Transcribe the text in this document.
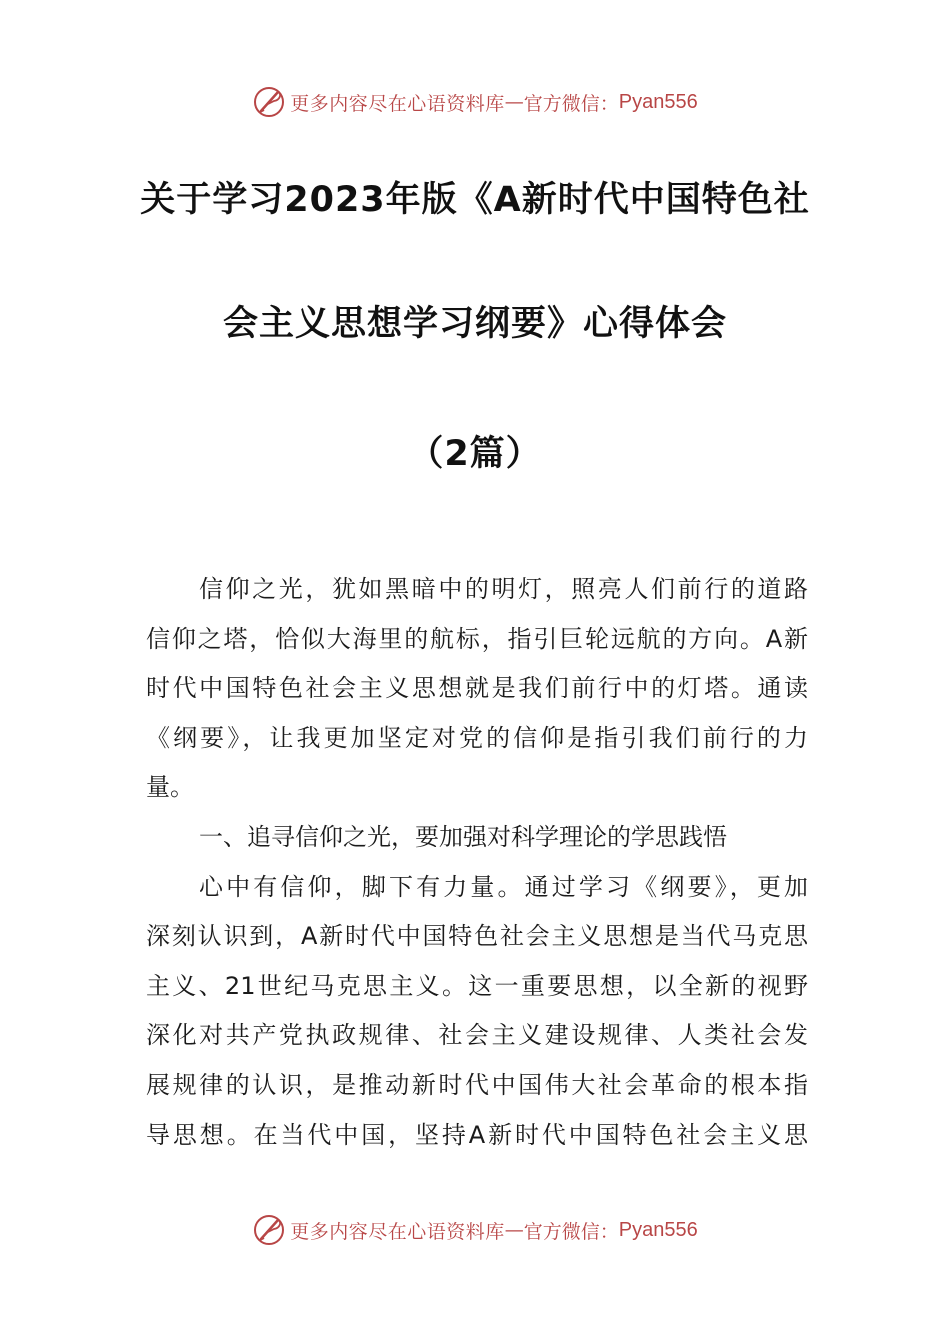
更多内容尽在心语资料库 — 官方微信： Pyan556
关于学习2023年版《A新时代中国特色社
会主义思想学习纲要》心得体会
（2篇）
信仰之光，犹如黑暗中的明灯，照亮人们前行的道路
信仰之塔，恰似大海里的航标，指引巨轮远航的方向。A新
时代中国特色社会主义思想就是我们前行中的灯塔。通读
《纲要》，让我更加坚定对党的信仰是指引我们前行的力
量。
一、追寻信仰之光，要加强对科学理论的学思践悟
心中有信仰，脚下有力量。通过学习《纲要》，更加
深刻认识到，A新时代中国特色社会主义思想是当代马克思
主义、21世纪马克思主义。这一重要思想，以全新的视野
深化对共产党执政规律、社会主义建设规律、人类社会发
展规律的认识，是推动新时代中国伟大社会革命的根本指
导思想。在当代中国，坚持A新时代中国特色社会主义思
更多内容尽在心语资料库 — 官方微信： Pyan556
